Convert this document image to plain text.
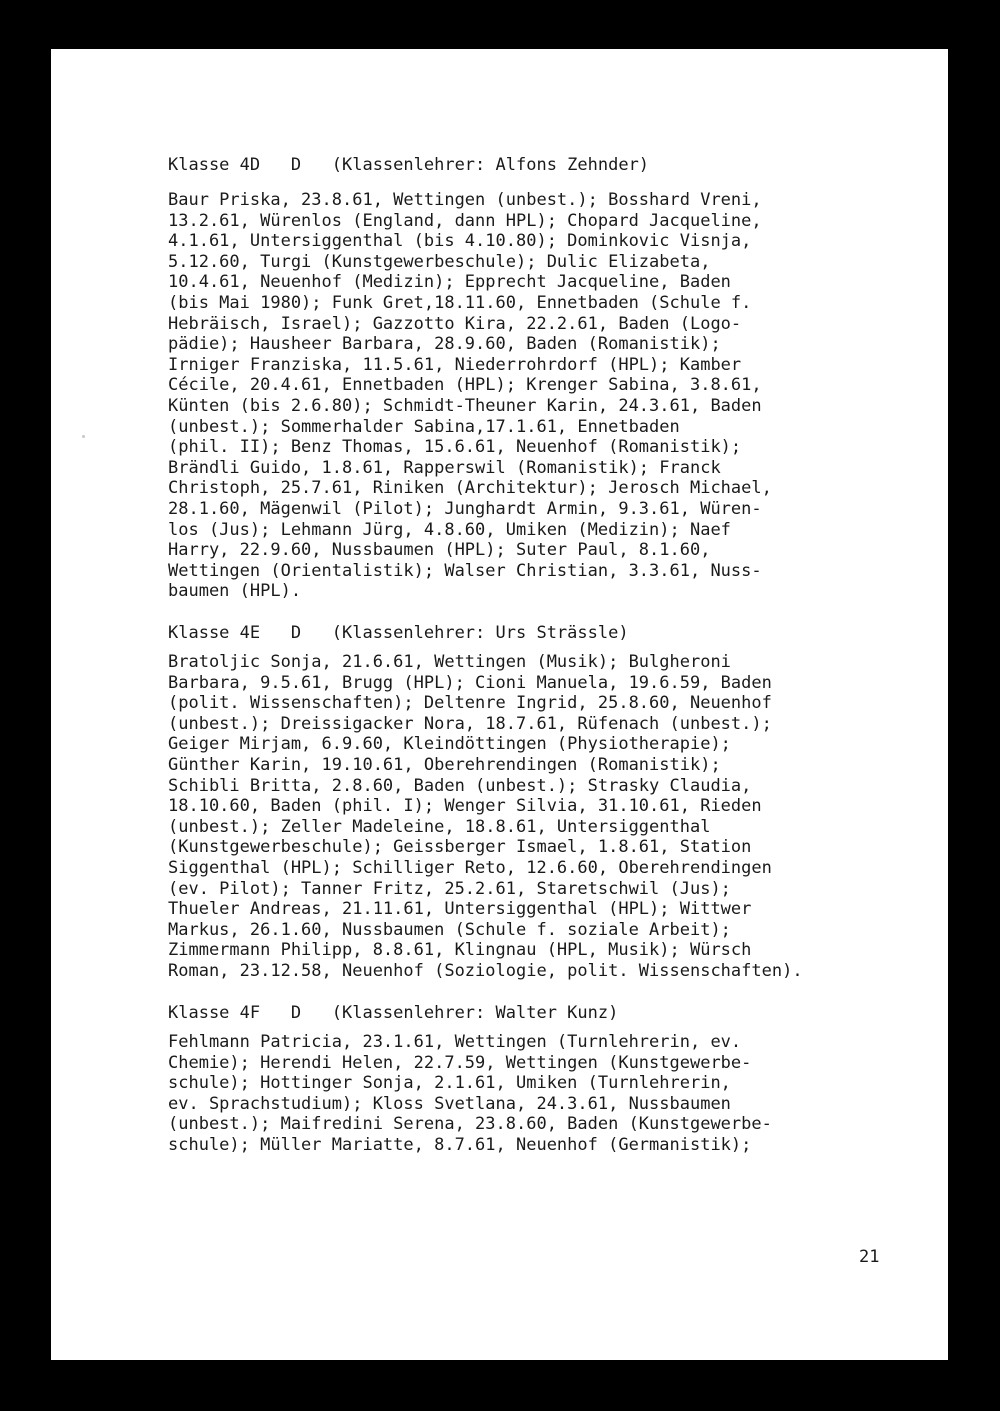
Klasse 4D   D   (Klassenlehrer: Alfons Zehnder)
Baur Priska, 23.8.61, Wettingen (unbest.); Bosshard Vreni,
13.2.61, Würenlos (England, dann HPL); Chopard Jacqueline,
4.1.61, Untersiggenthal (bis 4.10.80); Dominkovic Visnja,
5.12.60, Turgi (Kunstgewerbeschule); Dulic Elizabeta,
10.4.61, Neuenhof (Medizin); Epprecht Jacqueline, Baden
(bis Mai 1980); Funk Gret,18.11.60, Ennetbaden (Schule f.
Hebräisch, Israel); Gazzotto Kira, 22.2.61, Baden (Logo-
pädie); Hausheer Barbara, 28.9.60, Baden (Romanistik);
Irniger Franziska, 11.5.61, Niederrohrdorf (HPL); Kamber
Cécile, 20.4.61, Ennetbaden (HPL); Krenger Sabina, 3.8.61,
Künten (bis 2.6.80); Schmidt-Theuner Karin, 24.3.61, Baden
(unbest.); Sommerhalder Sabina,17.1.61, Ennetbaden
(phil. II); Benz Thomas, 15.6.61, Neuenhof (Romanistik);
Brändli Guido, 1.8.61, Rapperswil (Romanistik); Franck
Christoph, 25.7.61, Riniken (Architektur); Jerosch Michael,
28.1.60, Mägenwil (Pilot); Junghardt Armin, 9.3.61, Würen-
los (Jus); Lehmann Jürg, 4.8.60, Umiken (Medizin); Naef
Harry, 22.9.60, Nussbaumen (HPL); Suter Paul, 8.1.60,
Wettingen (Orientalistik); Walser Christian, 3.3.61, Nuss-
baumen (HPL).
Klasse 4E   D   (Klassenlehrer: Urs Strässle)
Bratoljic Sonja, 21.6.61, Wettingen (Musik); Bulgheroni
Barbara, 9.5.61, Brugg (HPL); Cioni Manuela, 19.6.59, Baden
(polit. Wissenschaften); Deltenre Ingrid, 25.8.60, Neuenhof
(unbest.); Dreissigacker Nora, 18.7.61, Rüfenach (unbest.);
Geiger Mirjam, 6.9.60, Kleindöttingen (Physiotherapie);
Günther Karin, 19.10.61, Oberehrendingen (Romanistik);
Schibli Britta, 2.8.60, Baden (unbest.); Strasky Claudia,
18.10.60, Baden (phil. I); Wenger Silvia, 31.10.61, Rieden
(unbest.); Zeller Madeleine, 18.8.61, Untersiggenthal
(Kunstgewerbeschule); Geissberger Ismael, 1.8.61, Station
Siggenthal (HPL); Schilliger Reto, 12.6.60, Oberehrendingen
(ev. Pilot); Tanner Fritz, 25.2.61, Staretschwil (Jus);
Thueler Andreas, 21.11.61, Untersiggenthal (HPL); Wittwer
Markus, 26.1.60, Nussbaumen (Schule f. soziale Arbeit);
Zimmermann Philipp, 8.8.61, Klingnau (HPL, Musik); Würsch
Roman, 23.12.58, Neuenhof (Soziologie, polit. Wissenschaften).
Klasse 4F   D   (Klassenlehrer: Walter Kunz)
Fehlmann Patricia, 23.1.61, Wettingen (Turnlehrerin, ev.
Chemie); Herendi Helen, 22.7.59, Wettingen (Kunstgewerbe-
schule); Hottinger Sonja, 2.1.61, Umiken (Turnlehrerin,
ev. Sprachstudium); Kloss Svetlana, 24.3.61, Nussbaumen
(unbest.); Maifredini Serena, 23.8.60, Baden (Kunstgewerbe-
schule); Müller Mariatte, 8.7.61, Neuenhof (Germanistik);
21
